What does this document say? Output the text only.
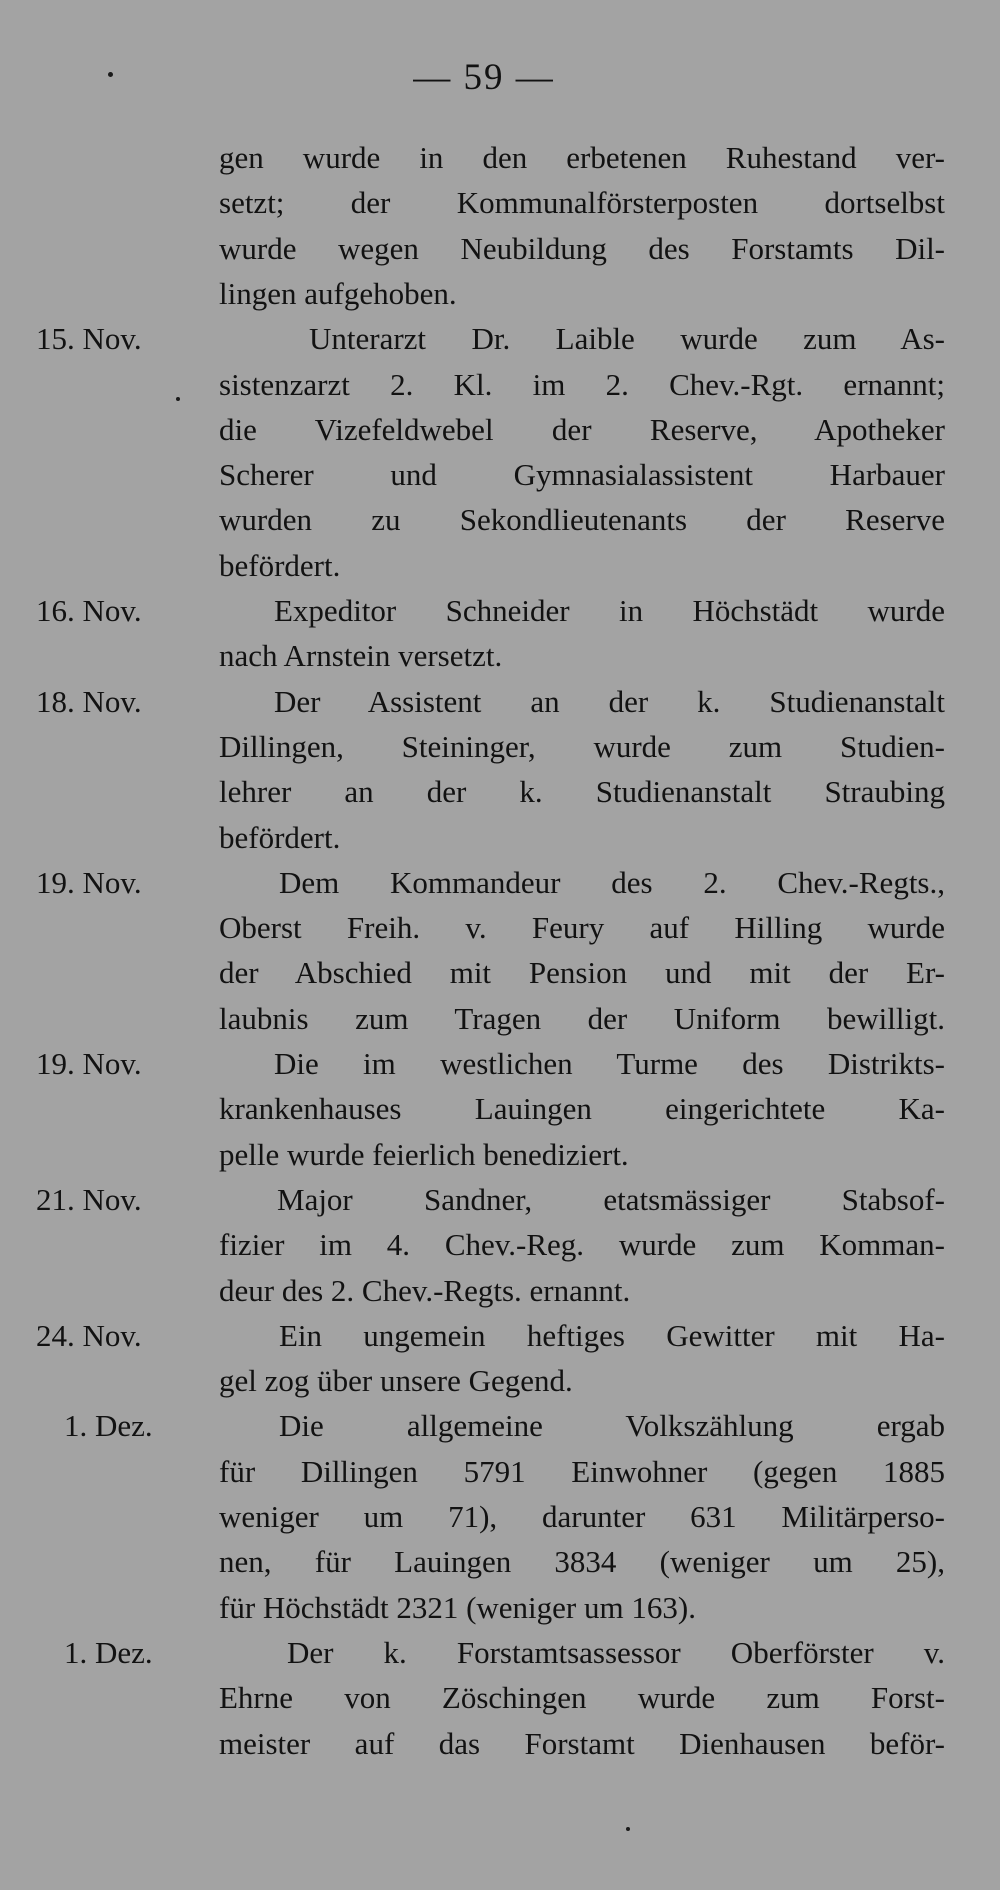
— 59 —
gen wurde in den erbetenen Ruhestand ver-
setzt; der Kommunalförsterposten dortselbst
wurde wegen Neubildung des Forstamts Dil-
lingen aufgehoben.
15. Nov.	Unterarzt Dr. Laible wurde zum As-
sistenzarzt 2. Kl. im 2. Chev.-Rgt. ernannt;
die Vizefeldwebel der Reserve, Apotheker
Scherer und Gymnasialassistent Harbauer
wurden zu Sekondlieutenants der Reserve
befördert.
16. Nov.	Expeditor Schneider in Höchstädt wurde
nach Arnstein versetzt.
18. Nov.	Der Assistent an der k. Studienanstalt
Dillingen, Steininger, wurde zum Studien-
lehrer an der k. Studienanstalt Straubing
befördert.
19. Nov.	Dem Kommandeur des 2. Chev.-Regts.,
Oberst Freih. v. Feury auf Hilling wurde
der Abschied mit Pension und mit der Er-
laubnis zum Tragen der Uniform bewilligt.
19. Nov.	Die im westlichen Turme des Distrikts-
krankenhauses Lauingen eingerichtete Ka-
pelle wurde feierlich benediziert.
21. Nov.	Major Sandner, etatsmässiger Stabsof-
fizier im 4. Chev.-Reg. wurde zum Komman-
deur des 2. Chev.-Regts. ernannt.
24. Nov.	Ein ungemein heftiges Gewitter mit Ha-
gel zog über unsere Gegend.
1. Dez.	Die allgemeine Volkszählung ergab
für Dillingen 5791 Einwohner (gegen 1885
weniger um 71), darunter 631 Militärperso-
nen, für Lauingen 3834 (weniger um 25),
für Höchstädt 2321 (weniger um 163).
1. Dez.	Der k. Forstamtsassessor Oberförster v.
Ehrne von Zöschingen wurde zum Forst-
meister auf das Forstamt Dienhausen beför-
